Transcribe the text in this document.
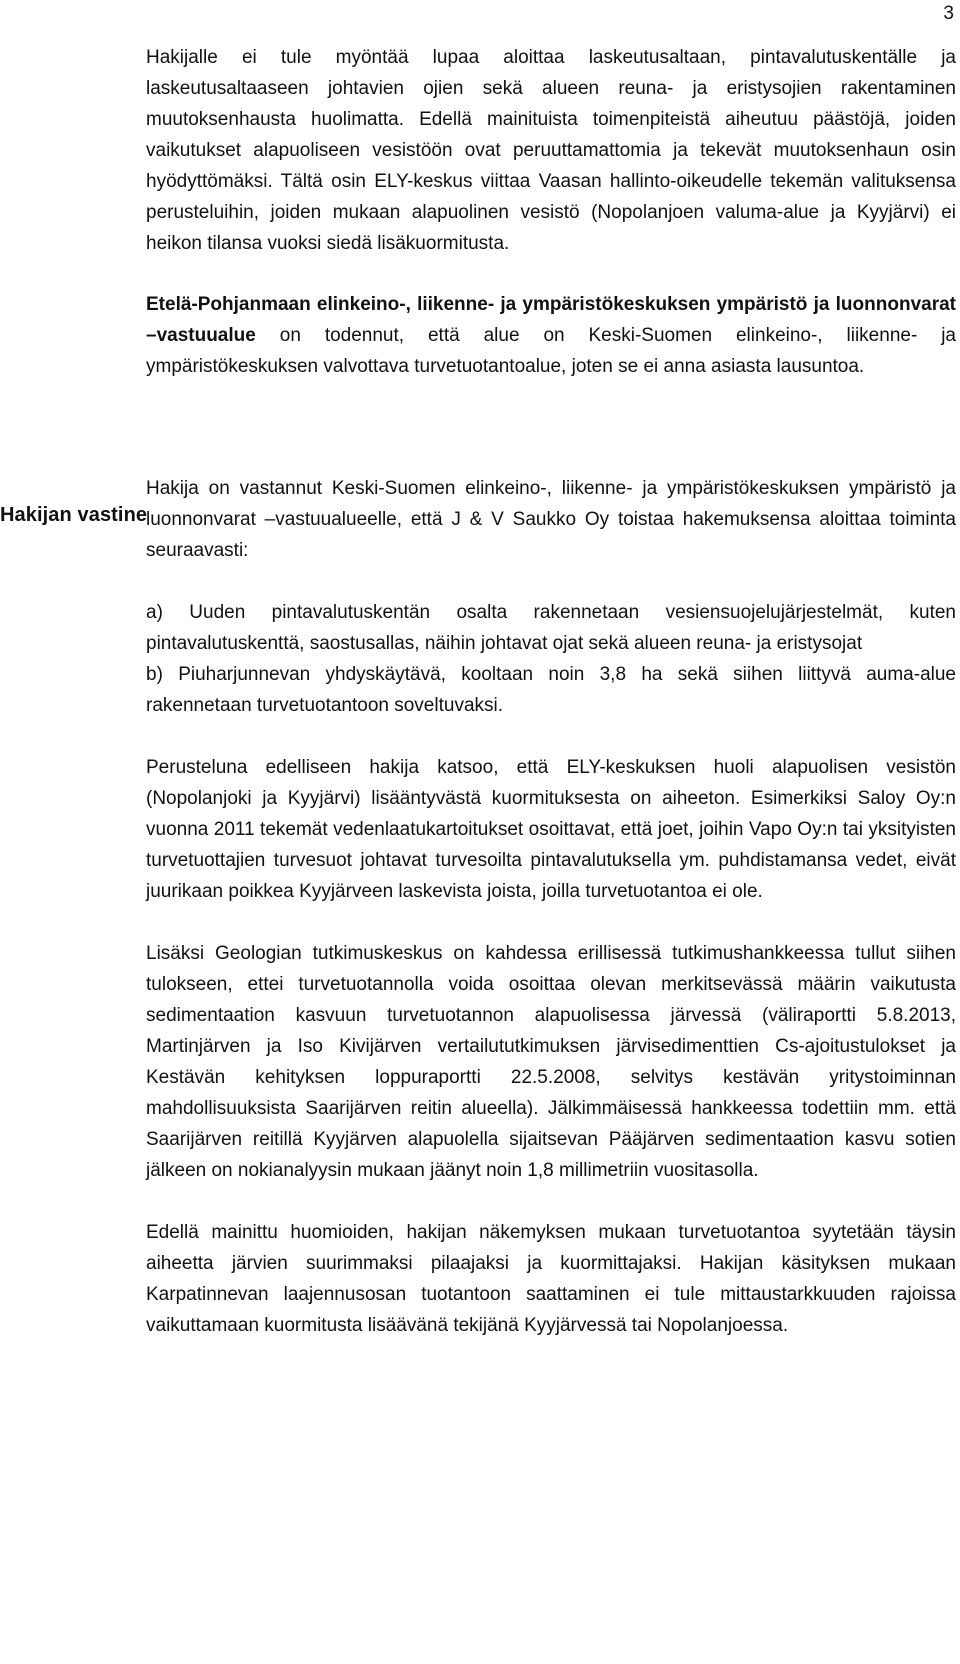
3
Hakijan vastine

Hakijalle ei tule myöntää lupaa aloittaa laskeutusaltaan, pintavalutuskentälle ja laskeutusaltaaseen johtavien ojien sekä alueen reuna- ja eristysojien rakentaminen muutoksenhausta huolimatta. Edellä mainituista toimenpiteistä aiheutuu päästöjä, joiden vaikutukset alapuoliseen vesistöön ovat peruuttamattomia ja tekevät muutoksenhaun osin hyödyttömäksi. Tältä osin ELY-keskus viittaa Vaasan hallinto-oikeudelle tekemän valituksensa perusteluihin, joiden mukaan alapuolinen vesistö (Nopolanjoen valuma-alue ja Kyyjärvi) ei heikon tilansa vuoksi siedä lisäkuormitusta.

Etelä-Pohjanmaan elinkeino-, liikenne- ja ympäristökeskuksen ympäristö ja luonnonvarat –vastuualue on todennut, että alue on Keski-Suomen elinkeino-, liikenne- ja ympäristökeskuksen valvottava turvetuotantoalue, joten se ei anna asiasta lausuntoa.

Hakija on vastannut Keski-Suomen elinkeino-, liikenne- ja ympäristökeskuksen ympäristö ja luonnonvarat –vastuualueelle, että J & V Saukko Oy toistaa hakemuksensa aloittaa toiminta seuraavasti:

a) Uuden pintavalutuskentän osalta rakennetaan vesiensuojelujärjestelmät, kuten pintavalutuskenttä, saostusallas, näihin johtavat ojat sekä alueen reuna- ja eristysojat

b) Piuharjunnevan yhdyskäytävä, kooltaan noin 3,8 ha sekä siihen liittyvä auma-alue rakennetaan turvetuotantoon soveltuvaksi.

Perusteluna edelliseen hakija katsoo, että ELY-keskuksen huoli alapuolisen vesistön (Nopolanjoki ja Kyyjärvi) lisääntyvästä kuormituksesta on aiheeton. Esimerkiksi Saloy Oy:n vuonna 2011 tekemät vedenlaatukartoitukset osoittavat, että joet, joihin Vapo Oy:n tai yksityisten turvetuottajien turvesuot johtavat turvesoilta pintavalutuksella ym. puhdistamansa vedet, eivät juurikaan poikkea Kyyjärveen laskevista joista, joilla turvetuotantoa ei ole.

Lisäksi Geologian tutkimuskeskus on kahdessa erillisessä tutkimushankkeessa tullut siihen tulokseen, ettei turvetuotannolla voida osoittaa olevan merkitsevässä määrin vaikutusta sedimentaation kasvuun turvetuotannon alapuolisessa järvessä (väliraportti 5.8.2013, Martinjärven ja Iso Kivijärven vertailututkimuksen järvisedimenttien Cs-ajoitustulokset ja Kestävän kehityksen loppuraportti 22.5.2008, selvitys kestävän yritystoiminnan mahdollisuuksista Saarijärven reitin alueella). Jälkimmäisessä hankkeessa todettiin mm. että Saarijärven reitillä Kyyjärven alapuolella sijaitsevan Pääjärven sedimentaation kasvu sotien jälkeen on nokianalyysin mukaan jäänyt noin 1,8 millimetriin vuositasolla.

Edellä mainittu huomioiden, hakijan näkemyksen mukaan turvetuotantoa syytetään täysin aiheetta järvien suurimmaksi pilaajaksi ja kuormittajaksi. Hakijan käsityksen mukaan Karpatinnevan laajennusosan tuotantoon saattaminen ei tule mittaustarkkuuden rajoissa vaikuttamaan kuormitusta lisäävänä tekijänä Kyyjärvessä tai Nopolanjoessa.
